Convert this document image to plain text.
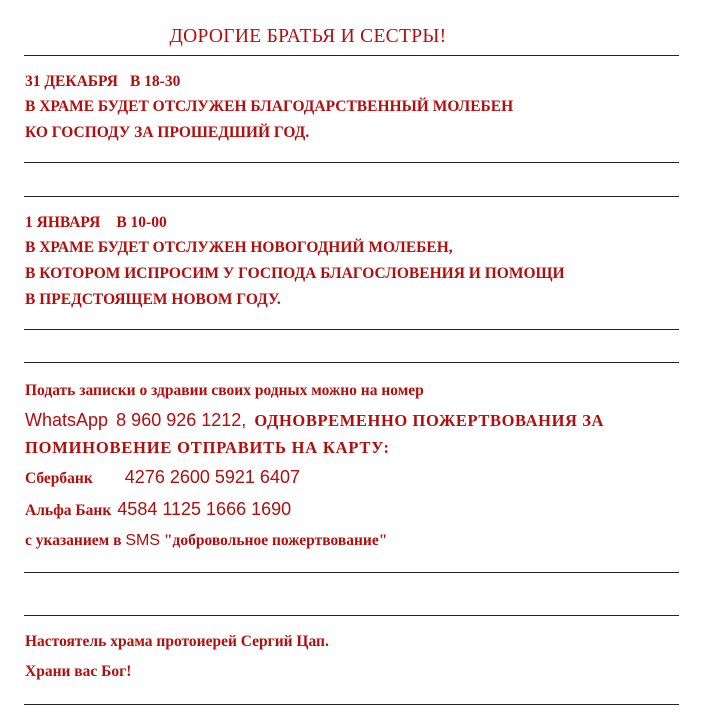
ДОРОГИЕ БРАТЬЯ И СЕСТРЫ!
31 ДЕКАБРЯ В 18-30
В ХРАМЕ БУДЕТ ОТСЛУЖЕН БЛАГОДАРСТВЕННЫЙ МОЛЕБЕН
КО ГОСПОДУ ЗА ПРОШЕДШИЙ ГОД.
1 ЯНВАРЯ В 10-00
В ХРАМЕ БУДЕТ ОТСЛУЖЕН НОВОГОДНИЙ МОЛЕБЕН,
В КОТОРОМ ИСПРОСИМ У ГОСПОДА БЛАГОСЛОВЕНИЯ И ПОМОЩИ
В ПРЕДСТОЯЩЕМ НОВОМ ГОДУ.
Подать записки о здравии своих родных можно на номер
WhatsApp 8 960 926 1212, ОДНОВРЕМЕННО ПОЖЕРТВОВАНИЯ ЗА
ПОМИНОВЕНИЕ ОТПРАВИТЬ НА КАРТУ:
Сбербанк 4276 2600 5921 6407
Альфа Банк 4584 1125 1666 1690
с указанием в SMS "добровольное пожертвование"
Настоятель храма протоиерей Сергий Цап.
Храни вас Бог!
